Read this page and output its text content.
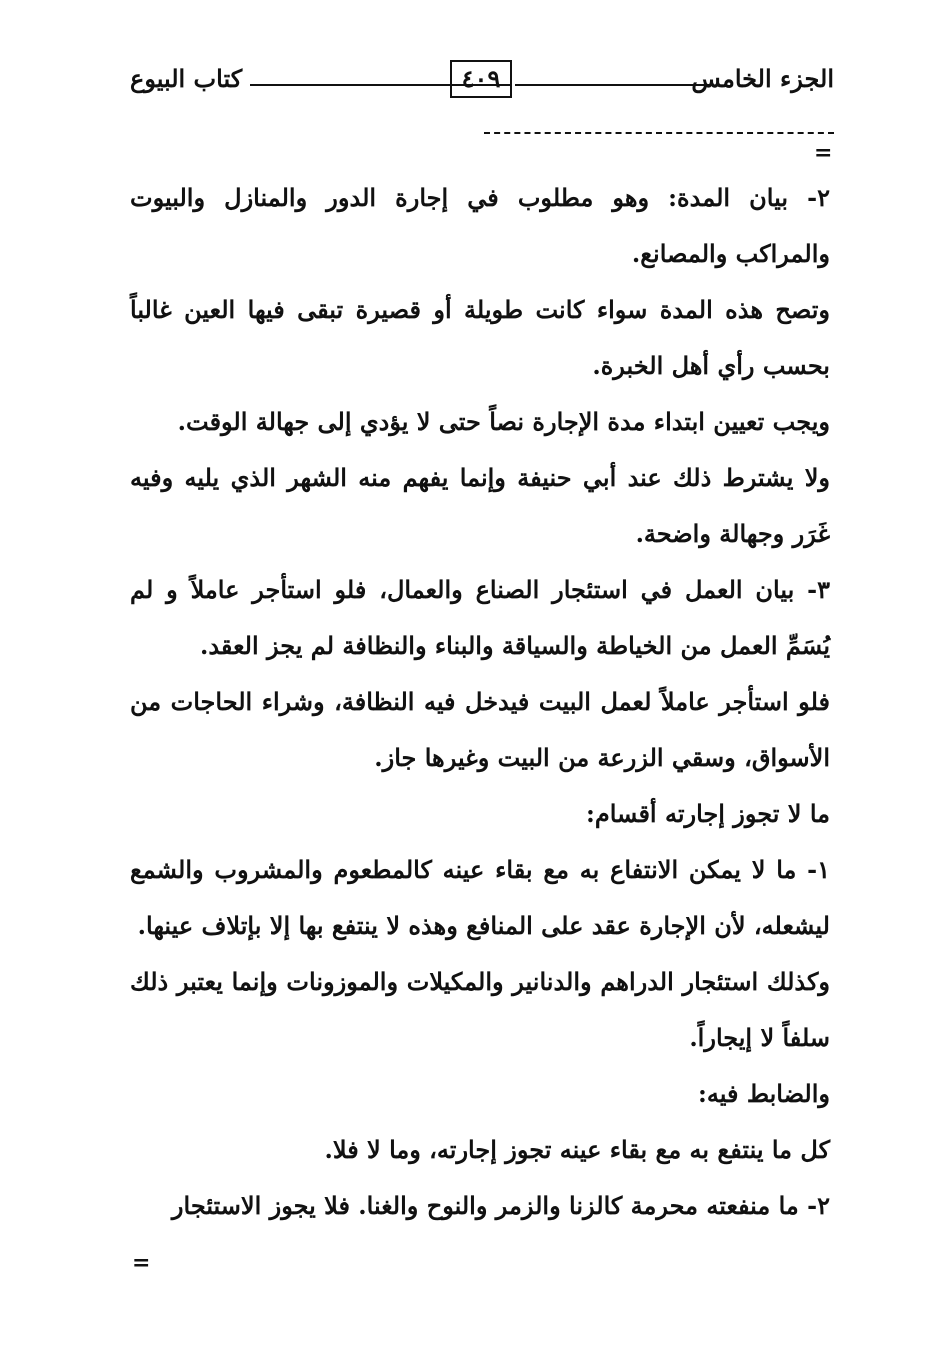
الجزء الخامس
٤٠٩
كتاب البيوع
=

٢- بيان المدة: وهو مطلوب في إجارة الدور والمنازل والبيوت والمراكب والمصانع.

وتصح هذه المدة سواء كانت طويلة أو قصيرة تبقى فيها العين غالباً بحسب رأي أهل الخبرة.

ويجب تعيين ابتداء مدة الإجارة نصاً حتى لا يؤدي إلى جهالة الوقت.

ولا يشترط ذلك عند أبي حنيفة وإنما يفهم منه الشهر الذي يليه وفيه غَرَر وجهالة واضحة.

٣- بيان العمل في استئجار الصناع والعمال، فلو استأجر عاملاً و لم يُسَمِّ العمل من الخياطة والسياقة والبناء والنظافة لم يجز العقد.

فلو استأجر عاملاً لعمل البيت فيدخل فيه النظافة، وشراء الحاجات من الأسواق، وسقي الزرعة من البيت وغيرها جاز.

ما لا تجوز إجارته أقسام:

١- ما لا يمكن الانتفاع به مع بقاء عينه كالمطعوم والمشروب والشمع ليشعله، لأن الإجارة عقد على المنافع وهذه لا ينتفع بها إلا بإتلاف عينها.

وكذلك استئجار الدراهم والدنانير والمكيلات والموزونات وإنما يعتبر ذلك سلفاً لا إيجاراً.

والضابط فيه:

كل ما ينتفع به مع بقاء عينه تجوز إجارته، وما لا فلا.

٢- ما منفعته محرمة كالزنا والزمر والنوح والغنا. فلا يجوز الاستئجار

=
